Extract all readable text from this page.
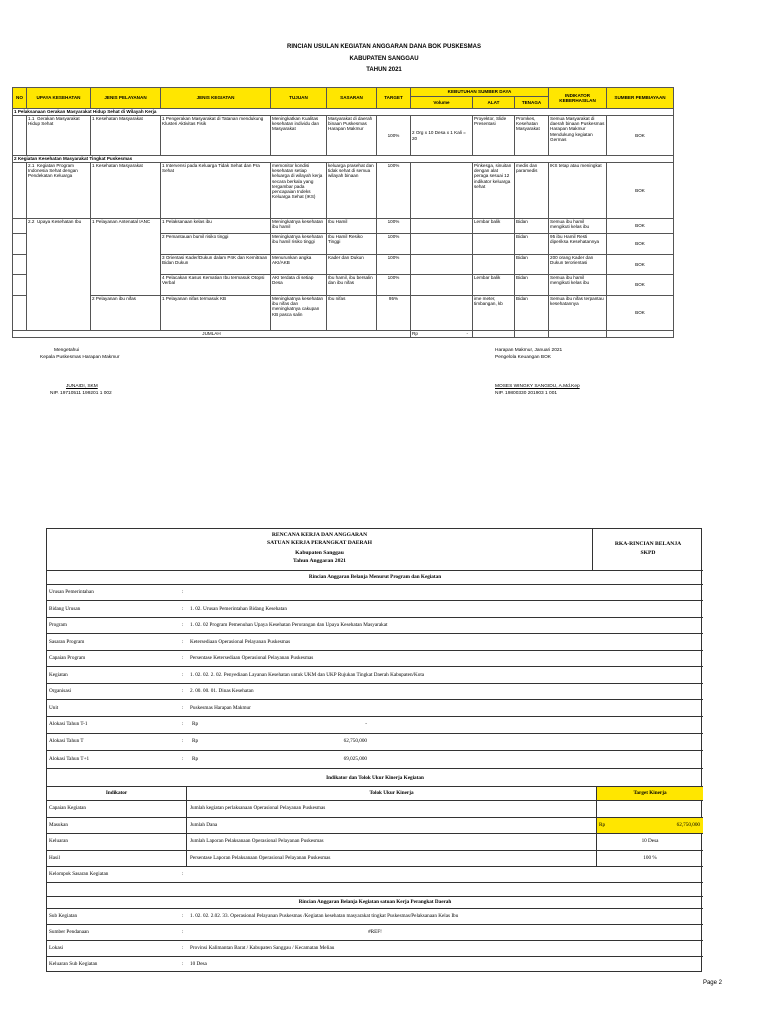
RINCIAN USULAN KEGIATAN ANGGARAN DANA BOK PUSKESMAS
KABUPATEN SANGGAU
TAHUN 2021
NO	UPAYA KESEHATAN	JENIS PELAYANAN	JENIS KEGIATAN	TUJUAN	SASARAN	TARGET	KEBUTUHAN SUMBER DAYA			INDIKATOR KEBERHASILAN	SUMBER PEMBIAYAAN
							Volume	ALAT	TENAGA		
1 Pelaksanaan Gerakan Masyarakat Hidup Sehat di Wilayah Kerja											
	1.1 Gerakan Masyarakat Hidup Sehat	1 Kesehatan Masyarakat	1 Pengerakan Masyarakat di Tatanan mendukung Klusteri Aktivitas Fisik	Meningkatkan Kualitas kesehatan individu dan Masyarakat	Masyarakat di daerah binaan Puskesmas Harapan Makmur	100%	2 Org x 10 Desa x 1 Kali = 20	Proyektor, Slide Presentasi	Promkes, Kesehatan Masyarakat	Semua Masyarakat di daerah binaan Puskesmas Harapan Makmur Mendukung kegiatan Germas	BOK
2 Kegiatan Kesehatan Masyarakat Tingkat Puskesmas											
	2.1 Kegiatan Program Indonesia Sehat dengan Pendekatan Keluarga	1 Kesehatan Masyarakat	1 Intervensi pada Keluarga Tidak Sehat dan Pra Sehat	memonitor kondisi kesehatan setiap keluarga di wilayah kerja secara berkala yang tergambar pada pencapaian Indeks Keluarga Sehat (IKS)	keluarga prasehat dan tidak sehat di semua wilayah binaan	100%		Pinkesga, sinuitan dengan alat peraga sesuai 12 indikator keluarga sehat	medis dan paramedis	IKS tetap atau meningkat	BOK
	2.2 Upaya Kesehatan Ibu	1 Pelayanan Antenatal IANC	1 Pelaksanaan kelas ibu	Meningkatnya kesehatan ibu hamil	Ibu Hamil	100%		Lembar balik	Bidan	Semua ibu hamil mengikuti kelas ibu	BOK
			2 Pemantauan bumil risiko tinggi	Meningkatnya kesehatan ibu hamil risiko tinggi	Ibu Hamil Resiko Tinggi	100%			Bidan	95 ibu Hamil Resti diperiksa Kesehatannya	BOK
			3 Orientasi Kader/Dukun dalam P4K dan Kemitraan Bidan Dukun	Menurunkan angka AKI/AKB	Kader dan Dukun	100%			Bidan	200 orang Kader dan Dukun terorientasi	BOK
			4 Pelacakan Kasus Kematian Ibu termasuk Otopsi Verbal	AKI terdata di setiap Desa	Ibu hamil, ibu bersalin dan ibu nifas	100%		Lembar balik	Bidan	Semua ibu hamil mengikuti kelas ibu	BOK
		2 Pelayanan ibu nifas	1 Pelayanan nifas termasuk KB	Meningkatnya kesehatan ibu nifas dan meningkatnya cakupan KB pasca salin	Ibu nifas	95%		ime meter, timbangan, kb	Bidan	Semua ibu nifas terpantau kesehatannya	BOK
JUMLAH							Rp -				

Mengetahui
Kepala Puskesmas Harapan Makmur
JUNAIDI, SKM
NIP. 19710511 199201 1 002
Harapan Makmur, Januari 2021
Pengelola Keuangan BOK
MOSES WINGKY SANGIDU, A.Md.Kep
NIP. 19800330 201903 1 001
RENCANA KERJA DAN ANGGARAN
SATUAN KERJA PERANGKAT DAERAH
Kabupaten Sanggau
Tahun Anggaran 2021
RKA-RINCIAN BELANJA
SKPD
Rincian Anggaran Belanja Menurut Program dan Kegiatan
Urusan Pemerintahan	:
Bidang Urusan	: 1. 02. Urusan Pemerintahan Bidang Kesehatan
Program	: 1. 02. 02 Program Pemenuhan Upaya Kesehatan Perorangan dan Upaya Kesehatan Masyarakat
Sasaran Program	: Ketersediaan Operasional Pelayanan Puskesmas
Capaian Program	: Persentase Ketersediaan Operasional Pelayanan Puskesmas
Kegiatan	: 1. 02. 02. 2. 02. Penyediaan Layanan Kesehatan untuk UKM dan UKP Rujukan Tingkat Daerah Kabupaten/Kota
Organisasi	: 2. 00. 00. 01. Dinas Kesehatan
Unit	: Puskesmas Harapan Makmur
Alokasi Tahun T-1	: Rp	-
Alokasi Tahun T	: Rp	62,750,000
Alokasi Tahun T+1	: Rp	69,025,000
Indikator dan Tolok Ukur Kinerja Kegiatan
Indikator	Tolok Ukur Kinerja	Target Kinerja
Capaian Kegiatan	Jumlah kegiatan perlaksanaan Operasional Pelayanan Puskesmas
Masukan	Jumlah Dana	Rp	62,750,000
Keluaran	Jumlah Laporan Pelaksanaan Operasional Pelayanan Puskesmas	10 Desa
Hasil	Persentase Laporan Pelaksanaan Operasional Pelayanan Puskesmas	100 %
Kelompok Sasaran Kegiatan	:
Rincian Anggaran Belanja Kegiatan satuan Kerja Perangkat Daerah
Sub Kegiatan	: 1. 02. 02. 2.02. 33. Operasional Pelayanan Puskesmas /Kegiatan kesehatan masyarakat tingkat Puskesmas/Pelaksanaan Kelas Ibu
Sumber Pendanaan	:	#REF!
Lokasi	: Provinsi Kalimantan Barat / Kabupaten Sanggau / Kecamatan Meliau
Keluaran Sub Kegiatan	: 10 Desa
Page 2
